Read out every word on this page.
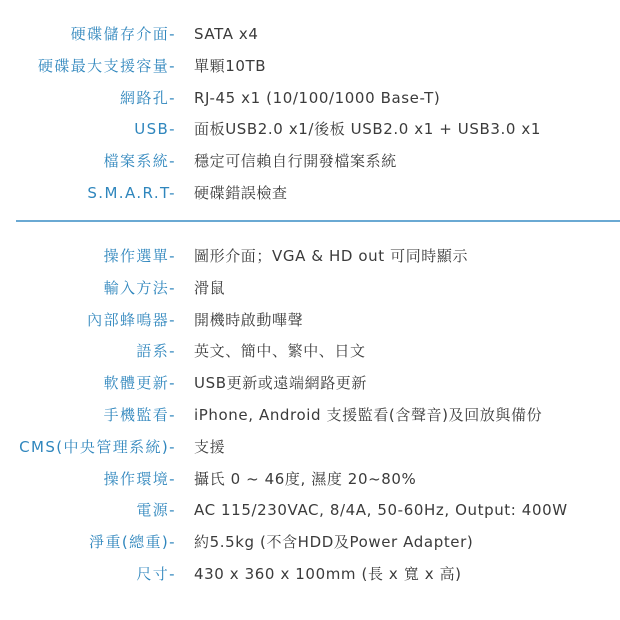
硬碟儲存介面- SATA x4
硬碟最大支援容量- 單顆10TB
網路孔- RJ-45 x1 (10/100/1000 Base-T)
USB- 面板USB2.0 x1/後板 USB2.0 x1 + USB3.0 x1
檔案系統- 穩定可信賴自行開發檔案系統
S.M.A.R.T- 硬碟錯誤檢查
操作選單- 圖形介面；VGA & HD out 可同時顯示
輸入方法- 滑鼠
內部蜂鳴器- 開機時啟動嗶聲
語系- 英文、簡中、繁中、日文
軟體更新- USB更新或遠端網路更新
手機監看- iPhone, Android 支援監看(含聲音)及回放與備份
CMS(中央管理系統)- 支援
操作環境- 攝氏 0 ~ 46度, 濕度 20~80%
電源- AC 115/230VAC, 8/4A, 50-60Hz, Output: 400W
淨重(總重)- 約5.5kg (不含HDD及Power Adapter)
尺寸- 430 x 360 x 100mm (長 x 寬 x 高)
